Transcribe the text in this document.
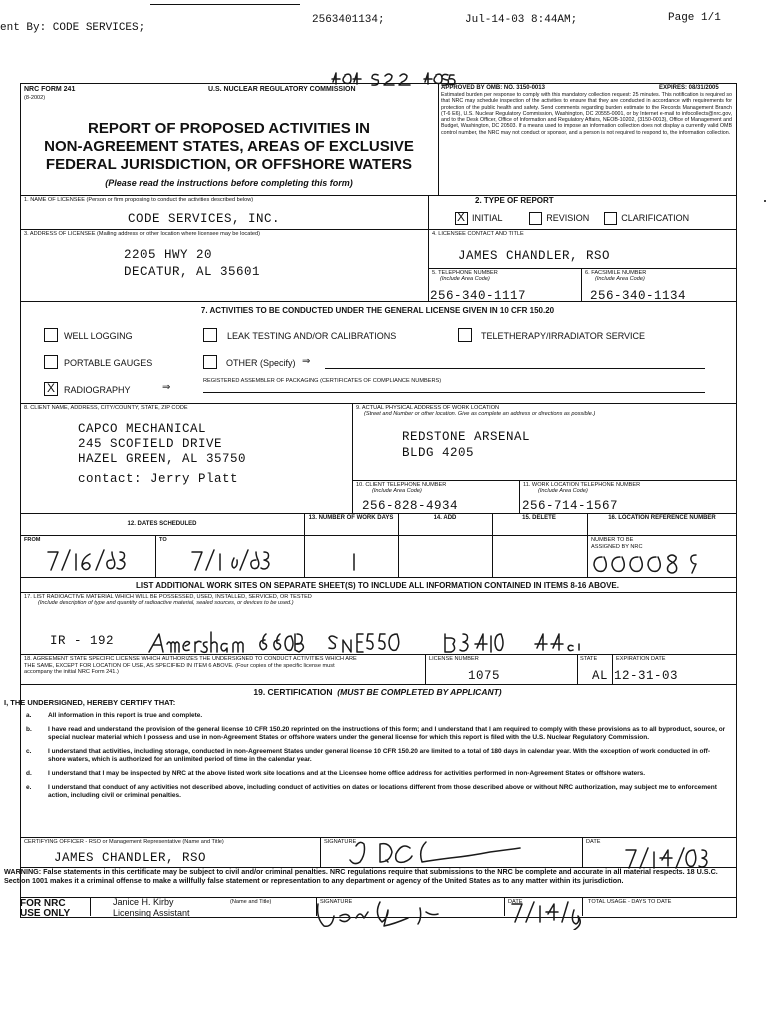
ent By: CODE SERVICES;
2563401134;	Jul-14-03 8:44AM;	Page 1/1
NRC FORM 241
(8-2002)
U.S. NUCLEAR REGULATORY COMMISSION
REPORT OF PROPOSED ACTIVITIES IN
NON-AGREEMENT STATES, AREAS OF EXCLUSIVE
FEDERAL JURISDICTION, OR OFFSHORE WATERS
(Please read the instructions before completing this form)
APPROVED BY OMB: NO. 3150-0013	EXPIRES: 08/31/2005
Estimated burden per response to comply with this mandatory collection request: 25 minutes. This notification is required so that NRC may schedule inspection of the activities to ensure that they are conducted in accordance with requirements for protection of the public health and safety. Send comments regarding burden estimate to the Records Management Branch (T-6 E6), U.S. Nuclear Regulatory Commission, Washington, DC 20555-0001, or by Internet e-mail to infocollects@nrc.gov, and to the Desk Officer, Office of Information and Regulatory Affairs, NEOB-10202, (3150-0013), Office of Management and Budget, Washington, DC 20503. If a means used to impose an information collection does not display a currently valid OMB control number, the NRC may not conduct or sponsor, and a person is not required to respond to, the information collection.
1. NAME OF LICENSEE (Person or firm proposing to conduct the activities described below)
CODE SERVICES, INC.
2. TYPE OF REPORT
X INITIAL	REVISION	CLARIFICATION
3. ADDRESS OF LICENSEE (Mailing address or other location where licensee may be located)
2205 HWY 20
DECATUR, AL 35601
4. LICENSEE CONTACT AND TITLE
JAMES CHANDLER, RSO
5. TELEPHONE NUMBER
(Include Area Code)
256-340-1117
6. FACSIMILE NUMBER
(Include Area Code)
256-340-1134
7. ACTIVITIES TO BE CONDUCTED UNDER THE GENERAL LICENSE GIVEN IN 10 CFR 150.20
WELL LOGGING	LEAK TESTING AND/OR CALIBRATIONS	TELETHERAPY/IRRADIATOR SERVICE
PORTABLE GAUGES	OTHER (Specify) ⇒
X RADIOGRAPHY	⇒
REGISTERED ASSEMBLER OF PACKAGING (CERTIFICATES OF COMPLIANCE NUMBERS)
8. CLIENT NAME, ADDRESS, CITY/COUNTY, STATE, ZIP CODE
CAPCO MECHANICAL
245 SCOFIELD DRIVE
HAZEL GREEN, AL 35750
contact: Jerry Platt
9. ACTUAL PHYSICAL ADDRESS OF WORK LOCATION
(Street and Number or other location. Give as complete an address or directions as possible.)
REDSTONE ARSENAL
BLDG 4205
10. CLIENT TELEPHONE NUMBER
(Include Area Code)
256-828-4934
11. WORK LOCATION TELEPHONE NUMBER
(Include Area Code)
256-714-1567
12. DATES SCHEDULED
FROM	TO
13. NUMBER OF WORK DAYS	14. ADD	15. DELETE	16. LOCATION REFERENCE NUMBER
NUMBER TO BE ASSIGNED BY NRC
LIST ADDITIONAL WORK SITES ON SEPARATE SHEET(S) TO INCLUDE ALL INFORMATION CONTAINED IN ITEMS 8-16 ABOVE.
17. LIST RADIOACTIVE MATERIAL WHICH WILL BE POSSESSED, USED, INSTALLED, SERVICED, OR TESTED
(Include description of type and quantity of radioactive material, sealed sources, or devices to be used.)
IR - 192
18. AGREEMENT STATE SPECIFIC LICENSE WHICH AUTHORIZES THE UNDERSIGNED TO CONDUCT ACTIVITIES WHICH ARE THE SAME, EXCEPT FOR LOCATION OF USE, AS SPECIFIED IN ITEM 6 ABOVE. (Four copies of the specific license must accompany the initial NRC Form 241.)
LICENSE NUMBER
1075
STATE
AL
EXPIRATION DATE
12-31-03
19. CERTIFICATION (MUST BE COMPLETED BY APPLICANT)
I, THE UNDERSIGNED, HEREBY CERTIFY THAT:
a.	All information in this report is true and complete.

b.	I have read and understand the provision of the general license 10 CFR 150.20 reprinted on the instructions of this form; and I understand that I am required to comply with these provisions as to all byproduct, source, or special nuclear material which I possess and use in non-Agreement States or offshore waters under the general license for which this report is filed with the U.S. Nuclear Regulatory Commission.

c.	I understand that activities, including storage, conducted in non-Agreement States under general license 10 CFR 150.20 are limited to a total of 180 days in calendar year. With the exception of work conducted in off-shore waters, which is authorized for an unlimited period of time in the calendar year.

d.	I understand that I may be inspected by NRC at the above listed work site locations and at the Licensee home office address for activities performed in non-Agreement States or offshore waters.

e.	I understand that conduct of any activities not described above, including conduct of activities on dates or locations different from those described above or without NRC authorization, may subject me to enforcement action, including civil or criminal penalties.

CERTIFYING OFFICER - RSO or Management Representative (Name and Title)
JAMES CHANDLER, RSO
SIGNATURE	DATE
WARNING: False statements in this certificate may be subject to civil and/or criminal penalties. NRC regulations require that submissions to the NRC be complete and accurate in all material respects. 18 U.S.C. Section 1001 makes it a criminal offense to make a willfully false statement or representation to any department or agency of the United States as to any matter within its jurisdiction.
FOR NRC
USE ONLY
Janice H. Kirby
Licensing Assistant
(Name and Title)	SIGNATURE	DATE	TOTAL USAGE - DAYS TO DATE
